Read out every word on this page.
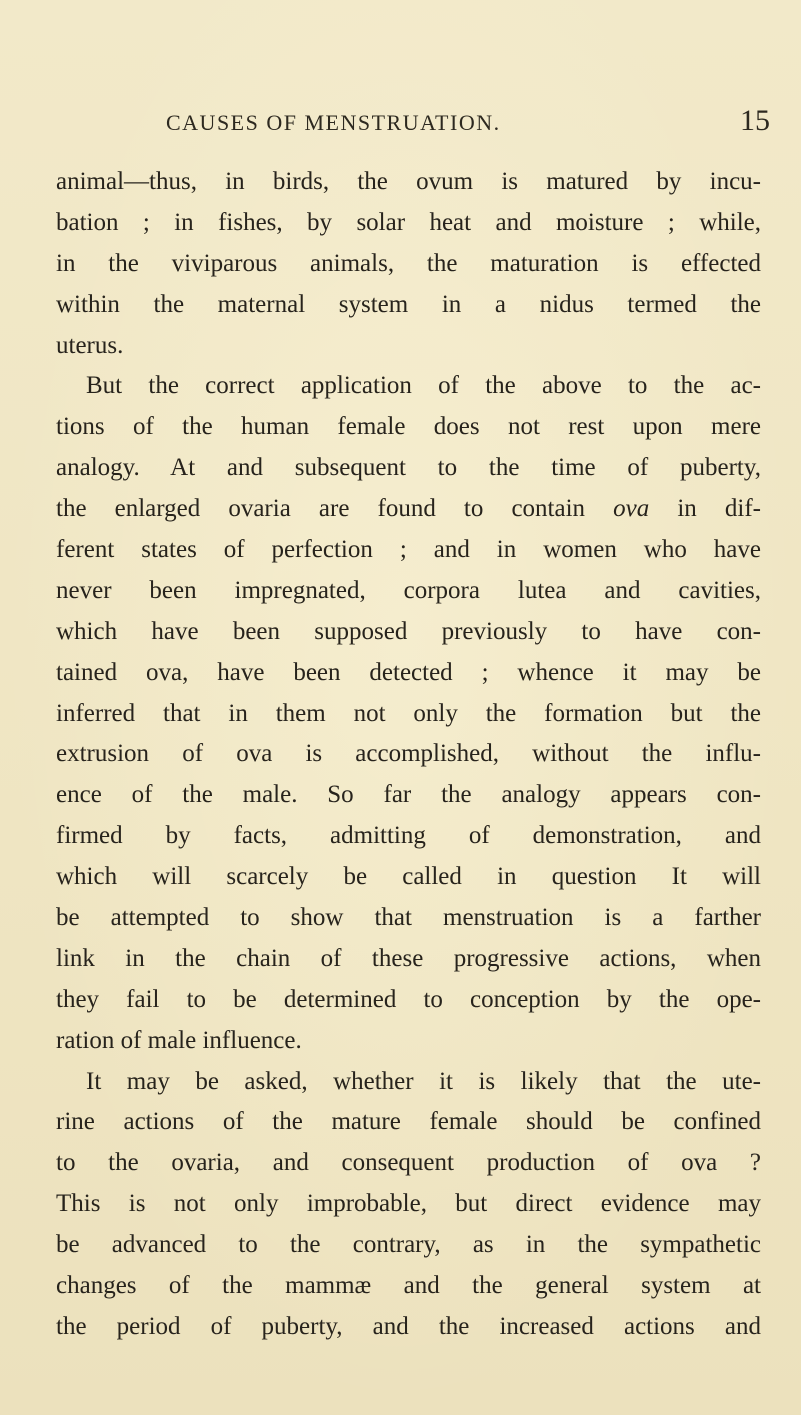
CAUSES OF MENSTRUATION.	15
animal—thus, in birds, the ovum is matured by incu-
bation ; in fishes, by solar heat and moisture ; while,
in the viviparous animals, the maturation is effected
within the maternal system in a nidus termed the
uterus.
But the correct application of the above to the ac-
tions of the human female does not rest upon mere
analogy. At and subsequent to the time of puberty,
the enlarged ovaria are found to contain ova in dif-
ferent states of perfection ; and in women who have
never been impregnated, corpora lutea and cavities,
which have been supposed previously to have con-
tained ova, have been detected ; whence it may be
inferred that in them not only the formation but the
extrusion of ova is accomplished, without the influ-
ence of the male. So far the analogy appears con-
firmed by facts, admitting of demonstration, and
which will scarcely be called in question It will
be attempted to show that menstruation is a farther
link in the chain of these progressive actions, when
they fail to be determined to conception by the ope-
ration of male influence.
It may be asked, whether it is likely that the ute-
rine actions of the mature female should be confined
to the ovaria, and consequent production of ova ?
This is not only improbable, but direct evidence may
be advanced to the contrary, as in the sympathetic
changes of the mammæ and the general system at
the period of puberty, and the increased actions and
